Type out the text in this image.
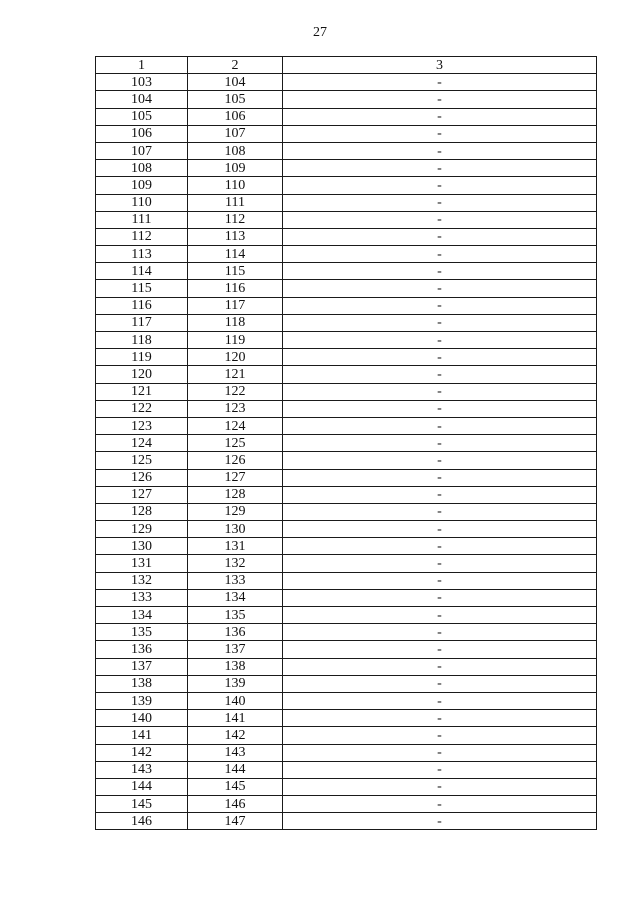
27
1	2	3
103	104	-
104	105	-
105	106	-
106	107	-
107	108	-
108	109	-
109	110	-
110	111	-
111	112	-
112	113	-
113	114	-
114	115	-
115	116	-
116	117	-
117	118	-
118	119	-
119	120	-
120	121	-
121	122	-
122	123	-
123	124	-
124	125	-
125	126	-
126	127	-
127	128	-
128	129	-
129	130	-
130	131	-
131	132	-
132	133	-
133	134	-
134	135	-
135	136	-
136	137	-
137	138	-
138	139	-
139	140	-
140	141	-
141	142	-
142	143	-
143	144	-
144	145	-
145	146	-
146	147	-
